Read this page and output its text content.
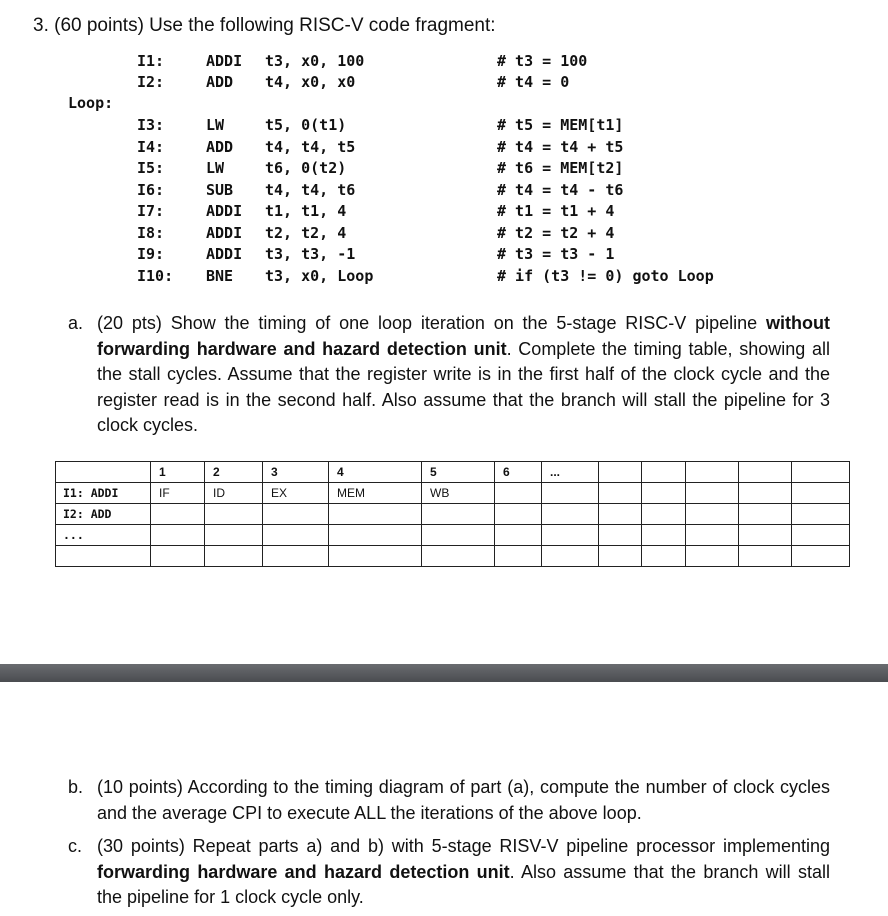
3. (60 points) Use the following RISC-V code fragment:
Loop:
I1:	ADDI t3, x0, 100	# t3 = 100
I2:	ADD t4, x0, x0	# t4 = 0
I3:	LW	t5, 0(t1)	# t5 = MEM[t1]
I4:	ADD t4, t4, t5	# t4 = t4 + t5
I5:	LW	t6, 0(t2)	# t6 = MEM[t2]
I6:	SUB t4, t4, t6	# t4 = t4 - t6
I7:	ADDI t1, t1, 4	# t1 = t1 + 4
I8:	ADDI t2, t2, 4	# t2 = t2 + 4
I9:	ADDI t3, t3, -1	# t3 = t3 - 1
I10: BNE t3, x0, Loop	# if (t3 != 0) goto Loop
a. (20 pts) Show the timing of one loop iteration on the 5-stage RISC-V pipeline without forwarding hardware and hazard detection unit. Complete the timing table, showing all the stall cycles. Assume that the register write is in the first half of the clock cycle and the register read is in the second half. Also assume that the branch will stall the pipeline for 3 clock cycles.
	1	2	3	4	5	6	...					
I1: ADDI	IF	ID	EX	MEM	WB							
I2: ADD												
...												

b. (10 points) According to the timing diagram of part (a), compute the number of clock cycles and the average CPI to execute ALL the iterations of the above loop.
c. (30 points) Repeat parts a) and b) with 5-stage RISV-V pipeline processor implementing forwarding hardware and hazard detection unit. Also assume that the branch will stall the pipeline for 1 clock cycle only.
